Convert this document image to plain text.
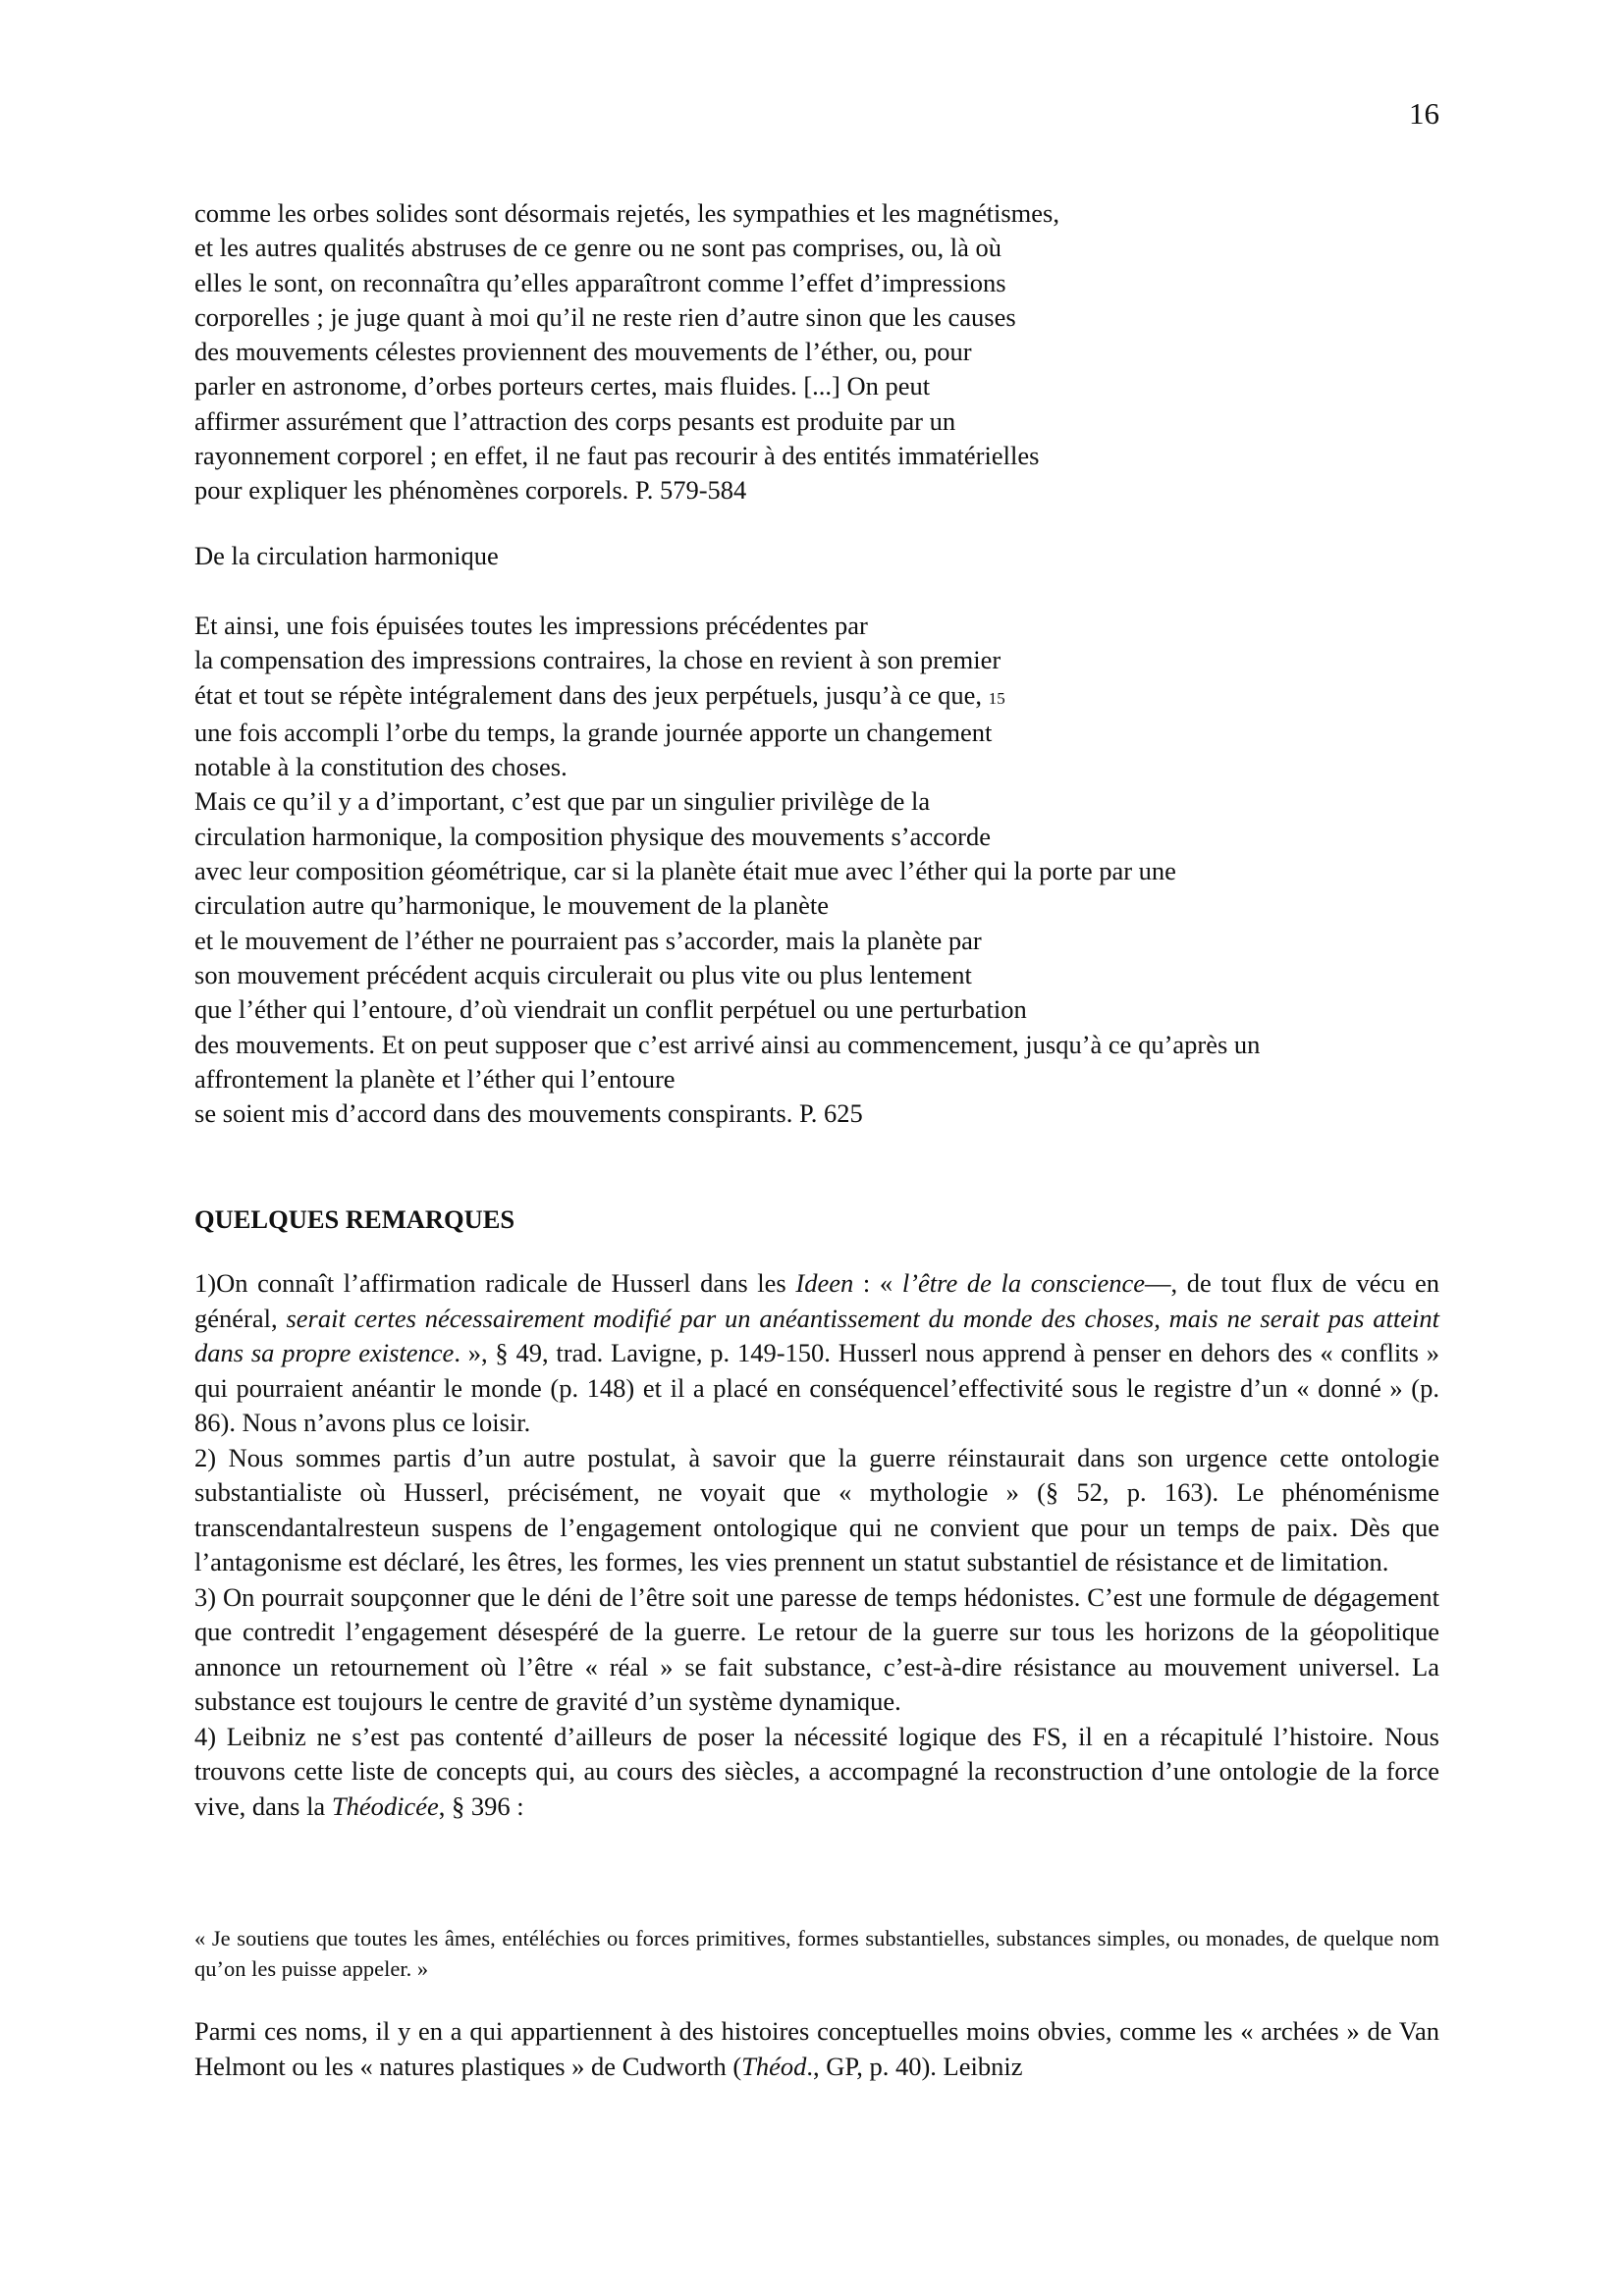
16
comme les orbes solides sont désormais rejetés, les sympathies et les magnétismes,
et les autres qualités abstruses de ce genre ou ne sont pas comprises, ou, là où
elles le sont, on reconnaîtra qu’elles apparaîtront comme l’effet d’impressions
corporelles ; je juge quant à moi qu’il ne reste rien d’autre sinon que les causes
des mouvements célestes proviennent des mouvements de l’éther, ou, pour
parler en astronome, d’orbes porteurs certes, mais fluides. [...] On peut
affirmer assurément que l’attraction des corps pesants est produite par un
rayonnement corporel ; en effet, il ne faut pas recourir à des entités immatérielles
pour expliquer les phénomènes corporels. P. 579-584
De la circulation harmonique
Et ainsi, une fois épuisées toutes les impressions précédentes par
la compensation des impressions contraires, la chose en revient à son premier
état et tout se répète intégralement dans des jeux perpétuels, jusqu’à ce que, 15
une fois accompli l’orbe du temps, la grande journée apporte un changement
notable à la constitution des choses.
Mais ce qu’il y a d’important, c’est que par un singulier privilège de la
circulation harmonique, la composition physique des mouvements s’accorde
avec leur composition géométrique, car si la planète était mue avec l’éther qui la porte par une
circulation autre qu’harmonique, le mouvement de la planète
et le mouvement de l’éther ne pourraient pas s’accorder, mais la planète par
son mouvement précédent acquis circulerait ou plus vite ou plus lentement
que l’éther qui l’entoure, d’où viendrait un conflit perpétuel ou une perturbation
des mouvements. Et on peut supposer que c’est arrivé ainsi au commencement, jusqu’à ce qu’après un
affrontement la planète et l’éther qui l’entoure
se soient mis d’accord dans des mouvements conspirants. P. 625
QUELQUES REMARQUES

1)On connaît l’affirmation radicale de Husserl dans les Ideen : « l’être de la conscience—, de tout flux de vécu en général, serait certes nécessairement modifié par un anéantissement du monde des choses, mais ne serait pas atteint dans sa propre existence. », § 49, trad. Lavigne, p. 149-150. Husserl nous apprend à penser en dehors des « conflits » qui pourraient anéantir le monde (p. 148) et il a placé en conséquencel’effectivité sous le registre d’un « donné » (p. 86). Nous n’avons plus ce loisir.

2) Nous sommes partis d’un autre postulat, à savoir que la guerre réinstaurait dans son urgence cette ontologie substantialiste où Husserl, précisément, ne voyait que « mythologie » (§ 52, p. 163). Le phénoménisme transcendantalresteun suspens de l’engagement ontologique qui ne convient que pour un temps de paix. Dès que l’antagonisme est déclaré, les êtres, les formes, les vies prennent un statut substantiel de résistance et de limitation.

3) On pourrait soupçonner que le déni de l’être soit une paresse de temps hédonistes. C’est une formule de dégagement que contredit l’engagement désespéré de la guerre. Le retour de la guerre sur tous les horizons de la géopolitique annonce un retournement où l’être « réal » se fait substance, c’est-à-dire résistance au mouvement universel. La substance est toujours le centre de gravité d’un système dynamique.

4) Leibniz ne s’est pas contenté d’ailleurs de poser la nécessité logique des FS, il en a récapitulé l’histoire. Nous trouvons cette liste de concepts qui, au cours des siècles, a accompagné la reconstruction d’une ontologie de la force vive, dans la Théodicée, § 396 :

« Je soutiens que toutes les âmes, entéléchies ou forces primitives, formes substantielles, substances simples, ou monades, de quelque nom qu’on les puisse appeler. »
Parmi ces noms, il y en a qui appartiennent à des histoires conceptuelles moins obvies, comme les « archées » de Van Helmont ou les « natures plastiques » de Cudworth (Théod., GP, p. 40). Leibniz
